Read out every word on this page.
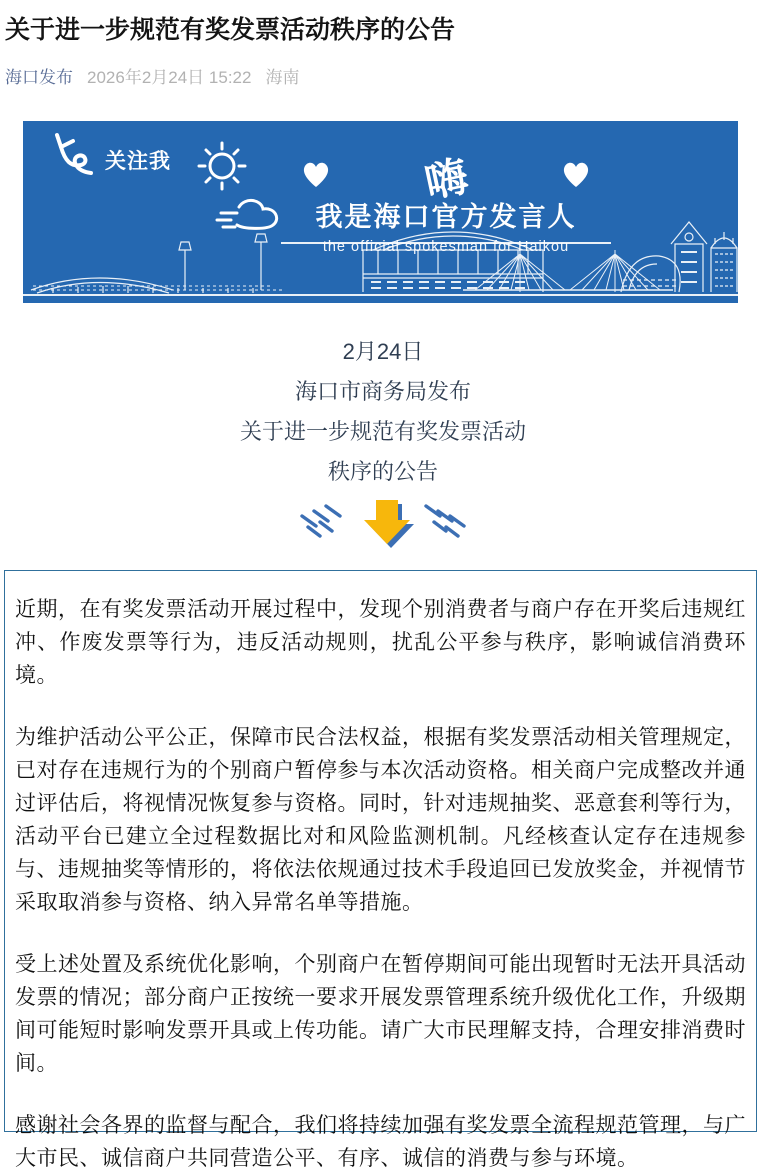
关于进一步规范有奖发票活动秩序的公告
海口发布 2026年2月24日 15:22 海南
关注我	嗨
我是海口官方发言人
the official spokesman for Haikou
2月24日
海口市商务局发布
关于进一步规范有奖发票活动
秩序的公告

近期，在有奖发票活动开展过程中，发现个别消费者与商户存在开奖后违规红冲、作废发票等行为，违反活动规则，扰乱公平参与秩序，影响诚信消费环境。

为维护活动公平公正，保障市民合法权益，根据有奖发票活动相关管理规定，已对存在违规行为的个别商户暂停参与本次活动资格。相关商户完成整改并通过评估后，将视情况恢复参与资格。同时，针对违规抽奖、恶意套利等行为，活动平台已建立全过程数据比对和风险监测机制。凡经核查认定存在违规参与、违规抽奖等情形的，将依法依规通过技术手段追回已发放奖金，并视情节采取取消参与资格、纳入异常名单等措施。

受上述处置及系统优化影响，个别商户在暂停期间可能出现暂时无法开具活动发票的情况；部分商户正按统一要求开展发票管理系统升级优化工作，升级期间可能短时影响发票开具或上传功能。请广大市民理解支持，合理安排消费时间。

感谢社会各界的监督与配合，我们将持续加强有奖发票全流程规范管理，与广大市民、诚信商户共同营造公平、有序、诚信的消费与参与环境。
